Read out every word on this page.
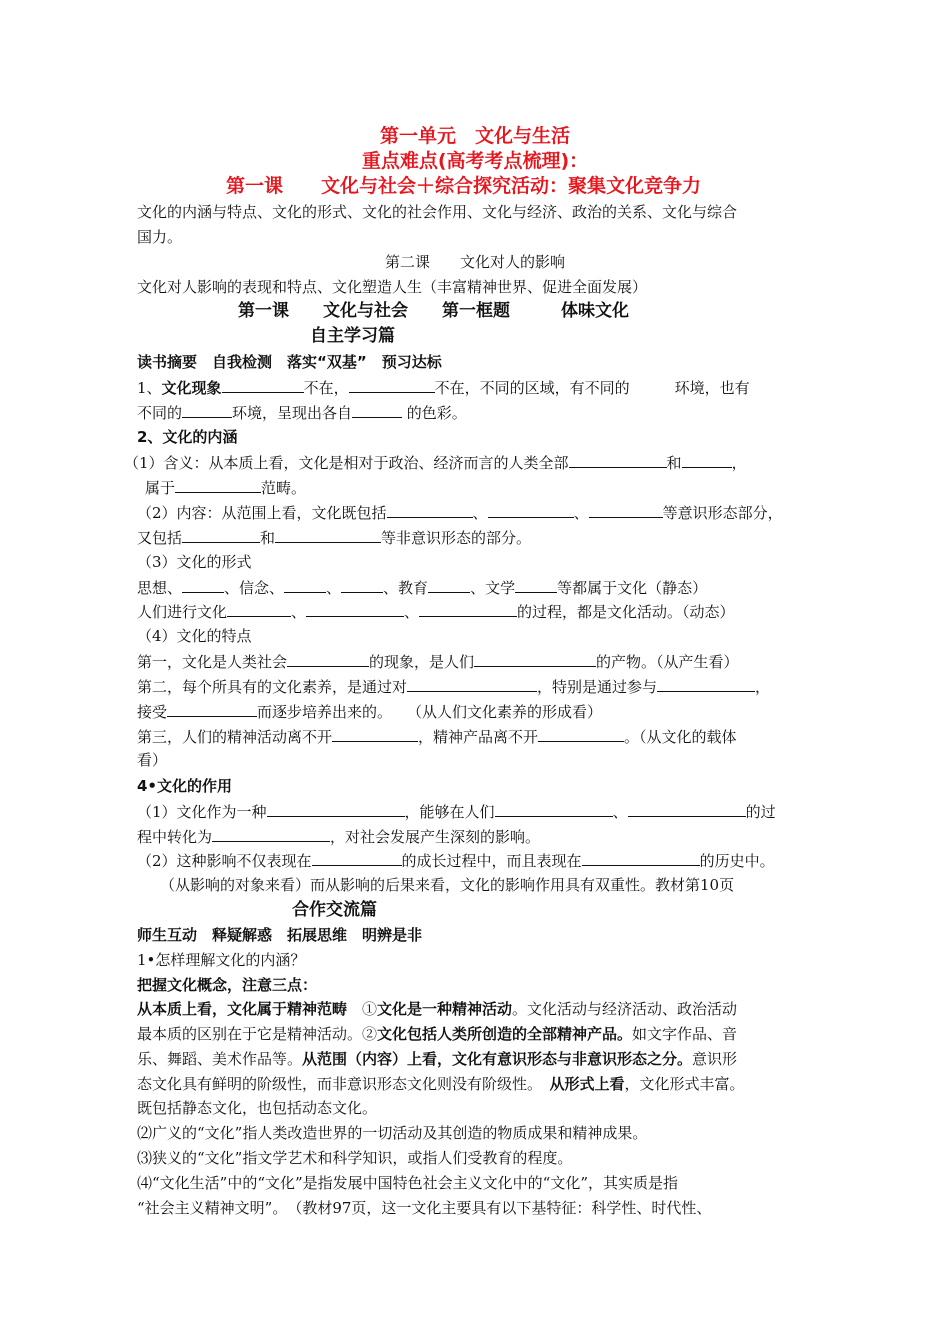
第一单元　文化与生活
重点难点(高考考点梳理)：
第一课　　文化与社会＋综合探究活动：聚集文化竞争力
文化的内涵与特点、文化的形式、文化的社会作用、文化与经济、政治的关系、文化与综合
国力。
第二课　　文化对人的影响
文化对人影响的表现和特点、文化塑造人生（丰富精神世界、促进全面发展）
第一课　　文化与社会　　第一框题　　　体味文化
自主学习篇
读书摘要　自我检测　落实“双基”　预习达标
1、文化现象	不在，	不在，不同的区域，有不同的　　　环境，也有
不同的	环境，呈现出各自	的色彩。
2、文化的内涵
（1）含义：从本质上看，文化是相对于政治、经济而言的人类全部	和	，
属于	范畴。
（2）内容：从范围上看，文化既包括	、	、	等意识形态部分，
又包括	和	等非意识形态的部分。
（3）文化的形式
思想、	、信念、	、	、教育	、文学	等都属于文化（静态）
人们进行文化	、	、	的过程，都是文化活动。（动态）
（4）文化的特点
第一，文化是人类社会	的现象，是人们	的产物。（从产生看）
第二，每个所具有的文化素养，是通过对	，特别是通过参与	，
接受	而逐步培养出来的。　　（从人们文化素养的形成看）
第三，人们的精神活动离不开	，精神产品离不开	。（从文化的载体
看）
4•文化的作用
（1）文化作为一种	，能够在人们	、	的过
程中转化为	，对社会发展产生深刻的影响。
（2）这种影响不仅表现在	的成长过程中，而且表现在	的历史中。
（从影响的对象来看）而从影响的后果来看，文化的影响作用具有双重性。教材第10页
合作交流篇
师生互动　释疑解惑　拓展思维　明辨是非
1•怎样理解文化的内涵？
把握文化概念，注意三点：
从本质上看，文化属于精神范畴　①文化是一种精神活动。文化活动与经济活动、政治活动
最本质的区别在于它是精神活动。②文化包括人类所创造的全部精神产品。如文字作品、音
乐、舞蹈、美术作品等。从范围（内容）上看，文化有意识形态与非意识形态之分。意识形
态文化具有鲜明的阶级性，而非意识形态文化则没有阶级性。　从形式上看，文化形式丰富。
既包括静态文化，也包括动态文化。
⑵广义的“文化”指人类改造世界的一切活动及其创造的物质成果和精神成果。
⑶狭义的“文化”指文学艺术和科学知识，或指人们受教育的程度。
⑷“文化生活”中的“文化”是指发展中国特色社会主义文化中的“文化”，其实质是指
“社会主义精神文明”。　（教材97页，这一文化主要具有以下基特征：科学性、时代性、
